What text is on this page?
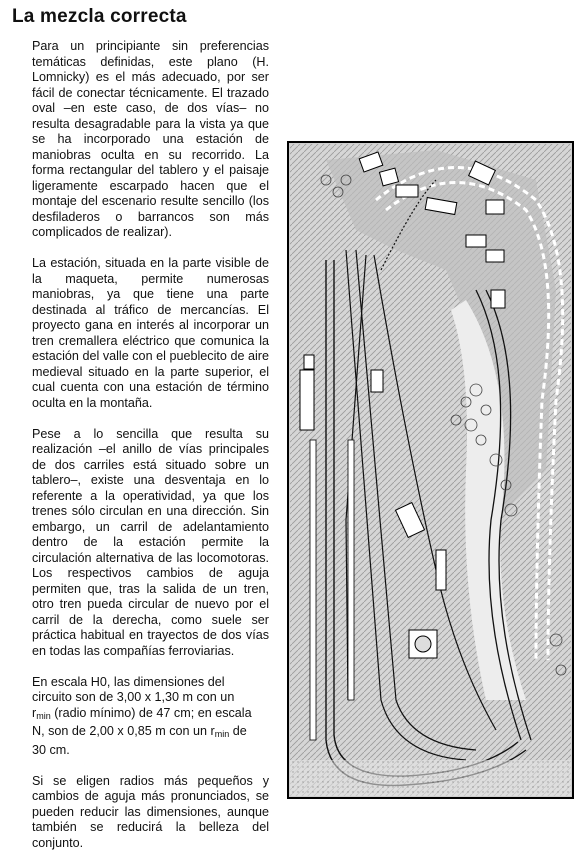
La mezcla correcta

Para un principiante sin preferencias temáticas definidas, este plano (H. Lomnicky) es el más adecuado, por ser fácil de conectar técnicamente. El trazado oval –en este caso, de dos vías– no resulta desagradable para la vista ya que se ha incorporado una estación de maniobras oculta en su recorrido. La forma rectangular del tablero y el paisaje ligeramente escarpado hacen que el montaje del escenario resulte sencillo (los desfiladeros o barrancos son más complicados de realizar).

La estación, situada en la parte visible de la maqueta, permite numerosas maniobras, ya que tiene una parte destinada al tráfico de mercancías. El proyecto gana en interés al incorporar un tren cremallera eléctrico que comunica la estación del valle con el pueblecito de aire medieval situado en la parte superior, el cual cuenta con una estación de término oculta en la montaña.

Pese a lo sencilla que resulta su realización –el anillo de vías principales de dos carriles está situado sobre un tablero–, existe una desventaja en lo referente a la operatividad, ya que los trenes sólo circulan en una dirección. Sin embargo, un carril de adelantamiento dentro de la estación permite la circulación alternativa de las locomotoras. Los respectivos cambios de aguja permiten que, tras la salida de un tren, otro tren pueda circular de nuevo por el carril de la derecha, como suele ser práctica habitual en trayectos de dos vías en todas las compañías ferroviarias.

En escala H0, las dimensiones del
circuito son de 3,00 x 1,30 m con un
$r_{min}$ (radio mínimo) de 47 cm; en escala
N, son de 2,00 x 0,85 m con un $r_{min}$ de
30 cm.

Si se eligen radios más pequeños y cambios de aguja más pronunciados, se pueden reducir las dimensiones, aunque también se reducirá la belleza del conjunto.
